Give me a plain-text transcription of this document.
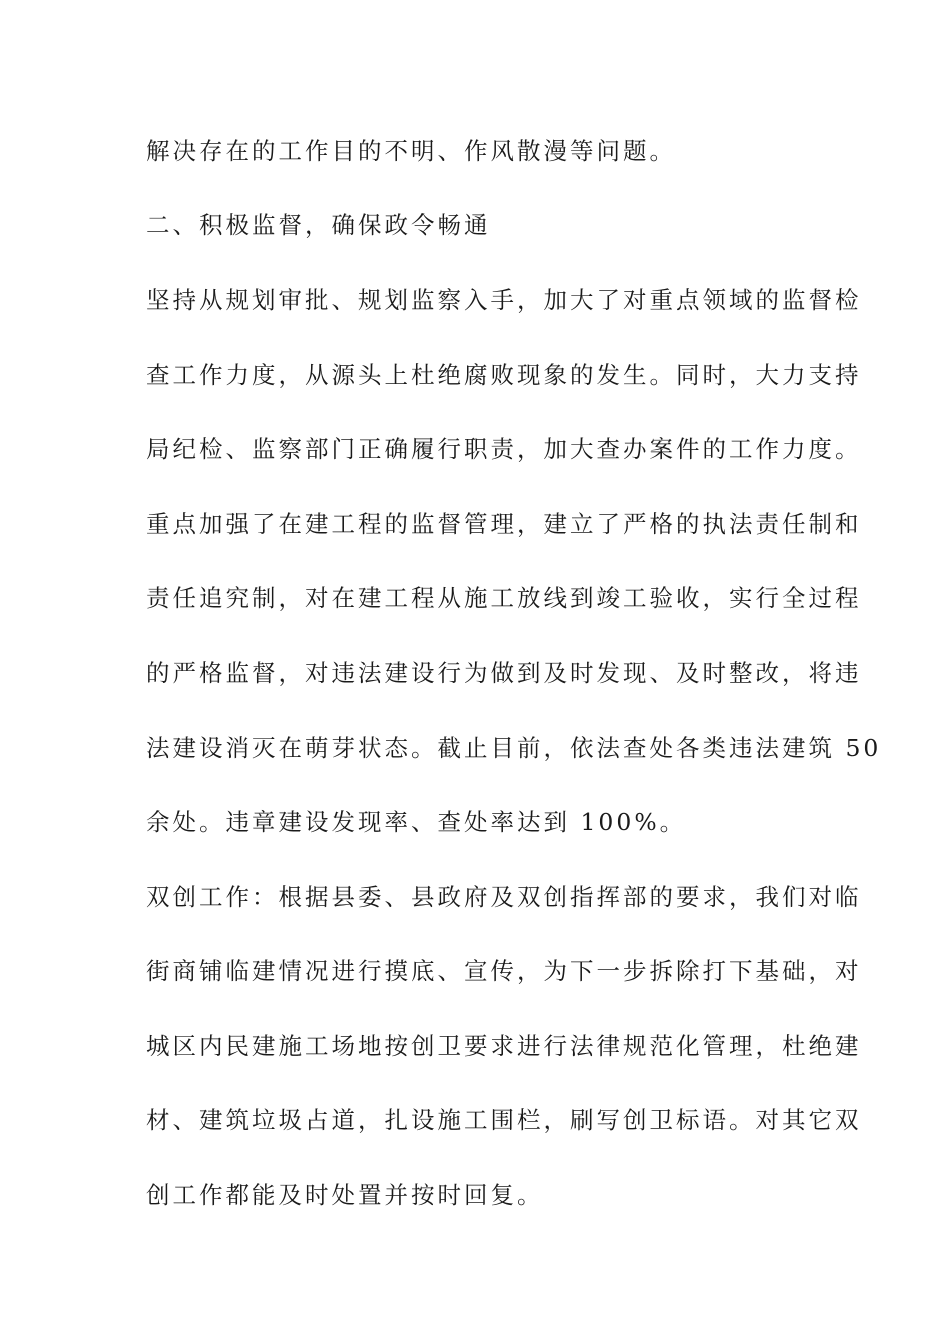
解决存在的工作目的不明、作风散漫等问题。

二、积极监督，确保政令畅通

坚持从规划审批、规划监察入手，加大了对重点领域的监督检

查工作力度，从源头上杜绝腐败现象的发生。同时，大力支持

局纪检、监察部门正确履行职责，加大查办案件的工作力度。

重点加强了在建工程的监督管理，建立了严格的执法责任制和

责任追究制，对在建工程从施工放线到竣工验收，实行全过程

的严格监督，对违法建设行为做到及时发现、及时整改，将违

法建设消灭在萌芽状态。截止目前，依法查处各类违法建筑 50

余处。违章建设发现率、查处率达到 100%。

双创工作：根据县委、县政府及双创指挥部的要求，我们对临

街商铺临建情况进行摸底、宣传，为下一步拆除打下基础，对

城区内民建施工场地按创卫要求进行法律规范化管理，杜绝建

材、建筑垃圾占道，扎设施工围栏，刷写创卫标语。对其它双

创工作都能及时处置并按时回复。
